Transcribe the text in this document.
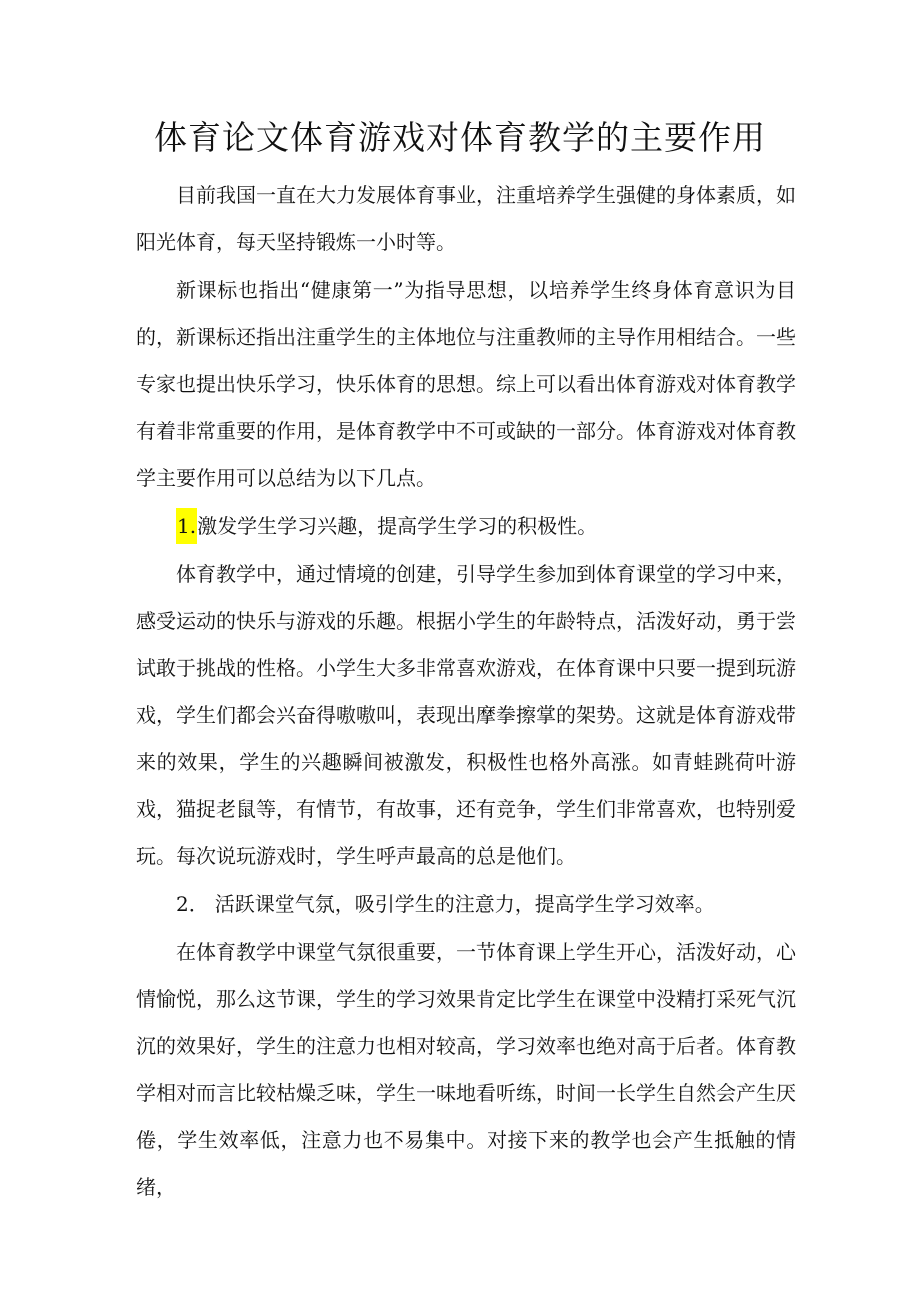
体育论文体育游戏对体育教学的主要作用

目前我国一直在大力发展体育事业，注重培养学生强健的身体素质，如阳光体育，每天坚持锻炼一小时等。

新课标也指出“健康第一”为指导思想，以培养学生终身体育意识为目的，新课标还指出注重学生的主体地位与注重教师的主导作用相结合。一些专家也提出快乐学习，快乐体育的思想。综上可以看出体育游戏对体育教学有着非常重要的作用，是体育教学中不可或缺的一部分。体育游戏对体育教学主要作用可以总结为以下几点。

1.激发学生学习兴趣，提高学生学习的积极性。

体育教学中，通过情境的创建，引导学生参加到体育课堂的学习中来，感受运动的快乐与游戏的乐趣。根据小学生的年龄特点，活泼好动，勇于尝试敢于挑战的性格。小学生大多非常喜欢游戏，在体育课中只要一提到玩游戏，学生们都会兴奋得嗷嗷叫，表现出摩拳擦掌的架势。这就是体育游戏带来的效果，学生的兴趣瞬间被激发，积极性也格外高涨。如青蛙跳荷叶游戏，猫捉老鼠等，有情节，有故事，还有竞争，学生们非常喜欢，也特别爱玩。每次说玩游戏时，学生呼声最高的总是他们。

2． 活跃课堂气氛，吸引学生的注意力，提高学生学习效率。

在体育教学中课堂气氛很重要，一节体育课上学生开心，活泼好动，心情愉悦，那么这节课，学生的学习效果肯定比学生在课堂中没精打采死气沉沉的效果好，学生的注意力也相对较高，学习效率也绝对高于后者。体育教学相对而言比较枯燥乏味，学生一味地看听练，时间一长学生自然会产生厌倦，学生效率低，注意力也不易集中。对接下来的教学也会产生抵触的情绪，
